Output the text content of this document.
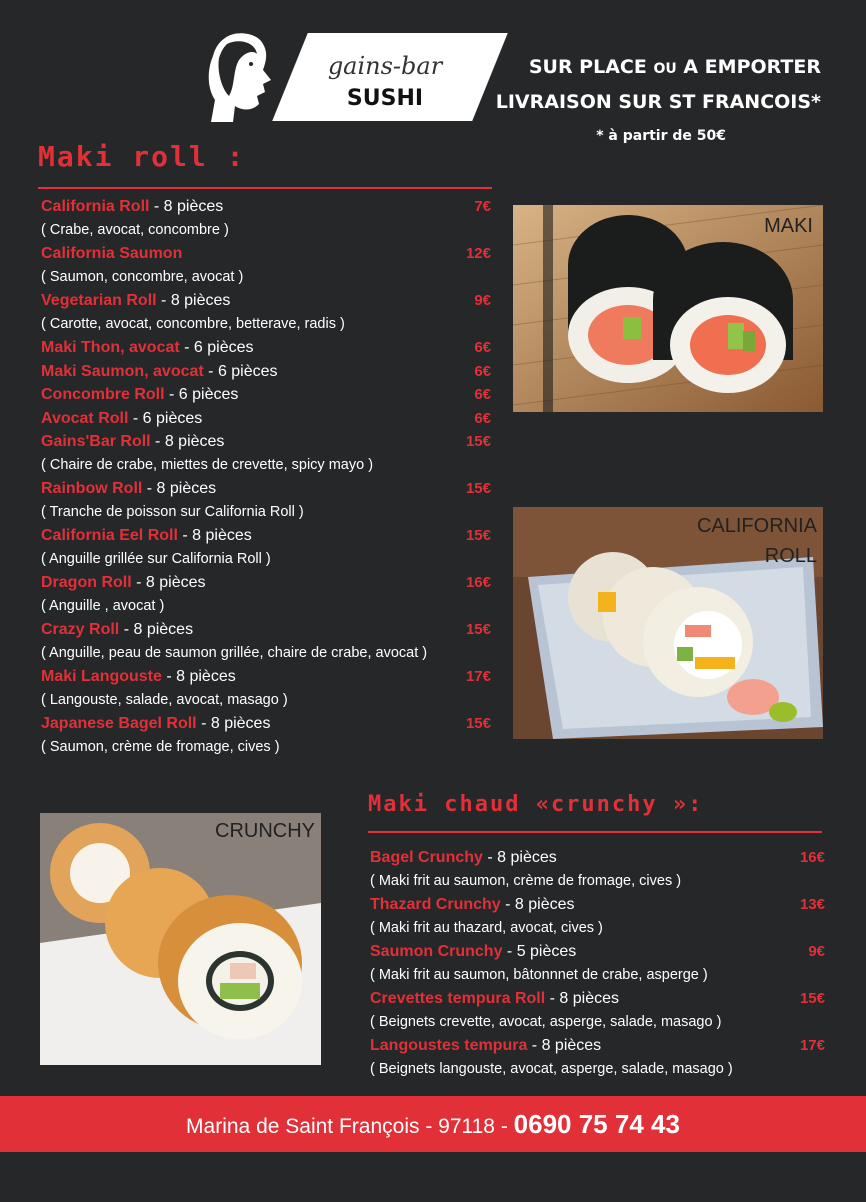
gains-bar
SUSHI
SUR PLACE OU A EMPORTER
LIVRAISON SUR ST FRANCOIS*
* à partir de 50€
Maki roll :
California Roll - 8 pièces	7€
( Crabe, avocat, concombre )
California Saumon	12€
( Saumon, concombre, avocat )
Vegetarian Roll - 8 pièces	9€
( Carotte, avocat, concombre, betterave, radis )
Maki Thon, avocat - 6 pièces	6€
Maki Saumon, avocat - 6 pièces	6€
Concombre Roll - 6 pièces	6€
Avocat Roll - 6 pièces	6€
Gains'Bar Roll - 8 pièces	15€
( Chaire de crabe, miettes de crevette, spicy mayo )
Rainbow Roll - 8 pièces	15€
( Tranche de poisson sur California Roll )
California Eel Roll - 8 pièces	15€
( Anguille grillée sur California Roll )
Dragon Roll - 8 pièces	16€
( Anguille , avocat )
Crazy Roll - 8 pièces	15€
( Anguille, peau de saumon grillée, chaire de crabe, avocat )
Maki Langouste - 8 pièces	17€
( Langouste, salade, avocat, masago )
Japanese Bagel Roll - 8 pièces	15€
( Saumon, crème de fromage, cives )
MAKI
CALIFORNIA
ROLL
CRUNCHY
Maki chaud «crunchy »:
Bagel Crunchy - 8 pièces	16€
( Maki frit au saumon, crème de fromage, cives )
Thazard Crunchy - 8 pièces	13€
( Maki frit au thazard, avocat, cives )
Saumon Crunchy - 5 pièces	9€
( Maki frit au saumon, bâtonnnet de crabe, asperge )
Crevettes tempura Roll - 8 pièces	15€
( Beignets crevette, avocat, asperge, salade, masago )
Langoustes tempura - 8 pièces	17€
( Beignets langouste, avocat, asperge, salade, masago )
Marina de Saint François - 97118 - 0690 75 74 43
